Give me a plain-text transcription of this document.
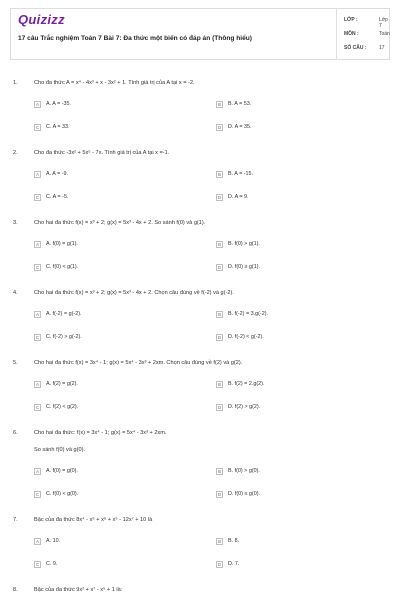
Quizizz
17 câu Trắc nghiệm Toán 7 Bài 7: Đa thức một biến có đáp án (Thông hiểu)
LỚP :	Lớp 7
MÔN :	Toán
SỐ CÂU :	17
1.	Cho đa thức A = x⁴ - 4x³ + x - 3x² + 1. Tính giá trị của A tại x = -2.
A A. A = -35.	B B. A = 53.
C C. A = 33.	D D. A = 35.
2.	Cho đa thức -3x² + 5x⁵ - 7x. Tính giá trị của A tại x =-1.
A A. A = -9.	B B. A = -15.
C C. A = -5.	D D. A = 9.
3.	Cho hai đa thức f(x) = x³ + 2; g(x) = 5x³ - 4x + 2. So sánh f(0) và g(1).
A A. f(0) = g(1).	B B. f(0) > g(1).
C C. f(0) < g(1).	D D. f(0) ≥ g(1).
4.	Cho hai đa thức f(x) = x³ + 2; g(x) = 5x³ - 4x + 2. Chọn câu đúng về f(-2) và g(-2).
A A. f(-2) = g(-2).	B B. f(-2) = 3.g(-2).
C C. f(-2) > g(-2).	D D. f(-2) < g(-2).
5.	Cho hai đa thức f(x) = 3x⁴ - 1; g(x) = 5x⁴ - 3x³ + 2xm. Chọn câu đúng về f(2) và g(2).
A A. f(2) = g(2).	B B. f(2) = 2.g(2).
C C. f(2) < g(2).	D D. f(2) > g(2).
6.	Cho hai đa thức: f(x) = 3x⁴ - 1; g(x) = 5x⁴ - 3x³ + 2xm.
So sánh f(0) và g(0).
A A. f(0) = g(0).	B B. f(0) > g(0).
C C. f(0) < g(0).	D D. f(0) ≤ g(0).
7.	Bậc của đa thức 8x⁴ - x⁵ + x⁶ + x⁵ - 12x⁷ + 10 là
A A. 10.	B B. 8.
C C. 9.	D D. 7.
8.	Bậc của đa thức 9x² + x⁷ - x⁵ + 1 là:
